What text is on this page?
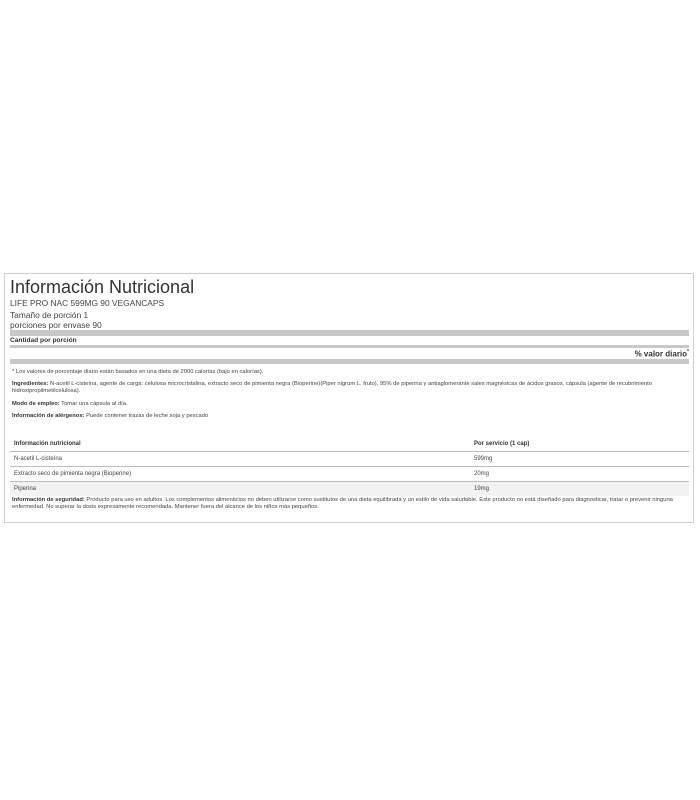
Información Nutricional
LIFE PRO NAC 599MG 90 VEGANCAPS
Tamaño de porción 1
porciones por envase 90
Cantidad por porción
% valor diario*
* Los valores de porcentaje diario están basados en una dieta de 2000 calorías (bajo en calorías).
Ingredientes: N-acetil L-cisteína, agente de carga: celulosa microcristalina, extracto seco de pimienta negra (Bioperine)(Piper nigrum L. fruto), 95% de piperina y antiaglomerante sales magnésicas de ácidos grasos, cápsula (agente de recubrimiento hidroxipropilmetilcelulosa).
Modo de empleo: Tomar una cápsula al día.
Información de alérgenos: Puede contener trazas de leche soja y pescado
Información nutricional	Por servicio (1 cap)
N-acetil L-cisteína	599mg
Extracto seco de pimienta negra (Bioperine)	20mg
Piperina	19mg
Información de seguridad: Producto para uso en adultos. Los complementos alimenticios no deben utilizarse como sustitutos de una dieta equilibrada y un estilo de vida saludable. Este producto no está diseñado para diagnosticar, tratar o prevenir ninguna enfermedad. No superar la dosis expresamente recomendada. Mantener fuera del alcance de los niños más pequeños.
